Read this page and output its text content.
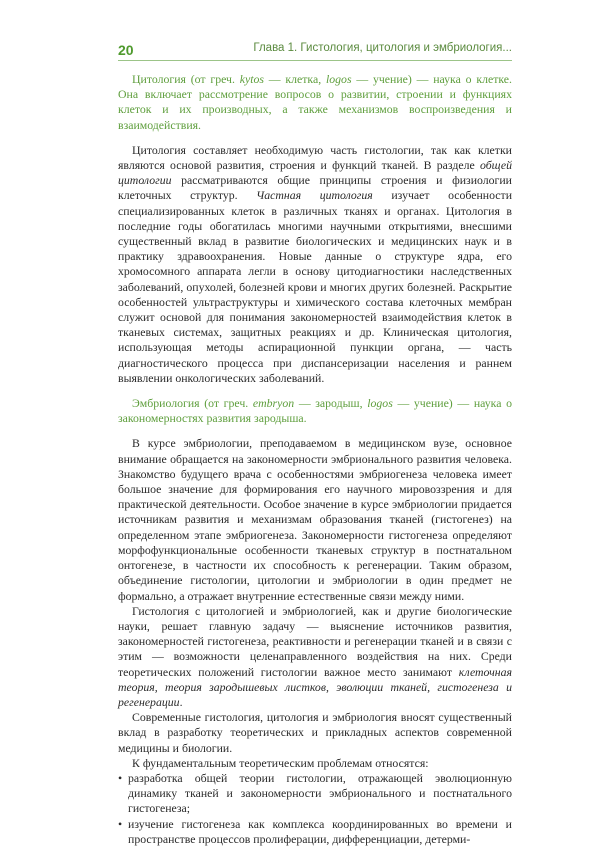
20	Глава 1. Гистология, цитология и эмбриология...

Цитология (от греч. kytos — клетка, logos — учение) — наука о клетке. Она включает рассмотрение вопросов о развитии, строении и функциях клеток и их производных, а также механизмов воспроизведения и взаимодействия.

Цитология составляет необходимую часть гистологии, так как клетки являются основой развития, строения и функций тканей. В разделе общей цитологии рассматриваются общие принципы строения и физиологии клеточных структур. Частная цитология изучает особенности специализированных клеток в различных тканях и органах. Цитология в последние годы обогатилась многими научными открытиями, внесшими существенный вклад в развитие биологических и медицинских наук и в практику здравоохранения. Новые данные о структуре ядра, его хромосомного аппарата легли в основу цитодиагностики наследственных заболеваний, опухолей, болезней крови и многих других болезней. Раскрытие особенностей ультраструктуры и химического состава клеточных мембран служит основой для понимания закономерностей взаимодействия клеток в тканевых системах, защитных реакциях и др. Клиническая цитология, использующая методы аспирационной пункции органа, — часть диагностического процесса при диспансеризации населения и раннем выявлении онкологических заболеваний.

Эмбриология (от греч. embryon — зародыш, logos — учение) — наука о закономерностях развития зародыша.

В курсе эмбриологии, преподаваемом в медицинском вузе, основное внимание обращается на закономерности эмбрионального развития человека. Знакомство будущего врача с особенностями эмбриогенеза человека имеет большое значение для формирования его научного мировоззрения и для практической деятельности. Особое значение в курсе эмбриологии придается источникам развития и механизмам образования тканей (гистогенез) на определенном этапе эмбриогенеза. Закономерности гистогенеза определяют морфофункциональные особенности тканевых структур в постнатальном онтогенезе, в частности их способность к регенерации. Таким образом, объединение гистологии, цитологии и эмбриологии в один предмет не формально, а отражает внутренние естественные связи между ними.

Гистология с цитологией и эмбриологией, как и другие биологические науки, решает главную задачу — выяснение источников развития, закономерностей гистогенеза, реактивности и регенерации тканей и в связи с этим — возможности целенаправленного воздействия на них. Среди теоретических положений гистологии важное место занимают клеточная теория, теория зародышевых листков, эволюции тканей, гистогенеза и регенерации.

Современные гистология, цитология и эмбриология вносят существенный вклад в разработку теоретических и прикладных аспектов современной медицины и биологии.

К фундаментальным теоретическим проблемам относятся:

• разработка общей теории гистологии, отражающей эволюционную динамику тканей и закономерности эмбрионального и постнатального гистогенеза;
• изучение гистогенеза как комплекса координированных во времени и пространстве процессов пролиферации, дифференциации, детерми-
